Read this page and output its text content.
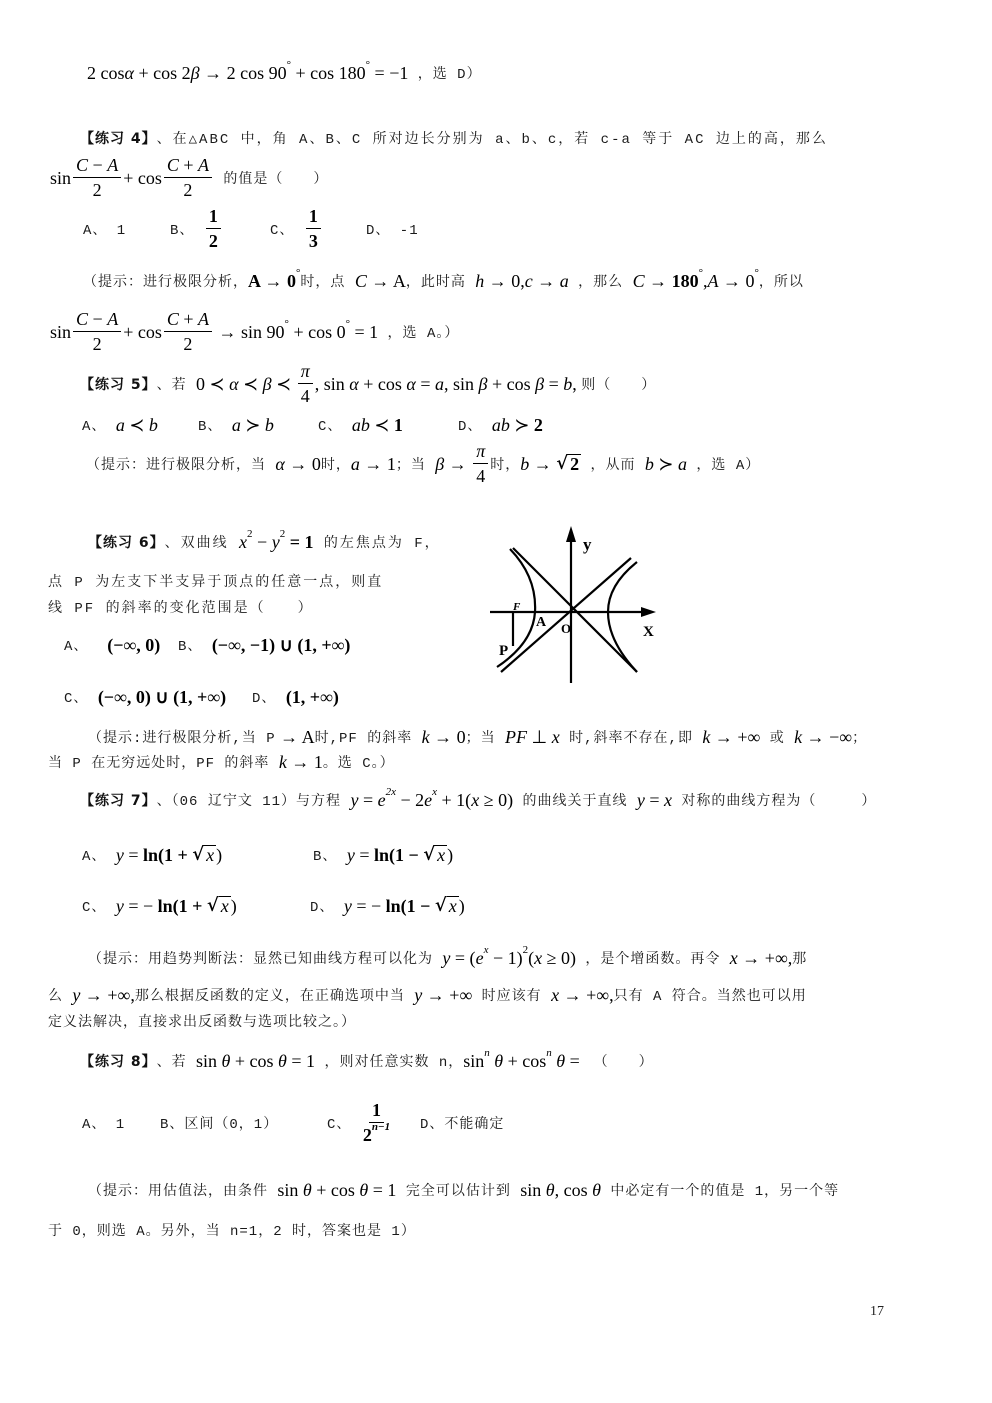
2 cos α + cos 2 β → 2 cos 90 ° + cos 180 ° = −1 ，选 D）
【练习 4】 、在△ABC 中，角 A、B、C 所对边长分别为 a、b、c，若 c-a 等于 AC 边上的高，那么
$\sin \frac{C - A}{2} + \cos \frac{C + A}{2}$ 的值是（　　）
A、 1	B、 $\frac{1}{2}$	C、 $\frac{1}{3}$	D、 -1
（提示：进行极限分析， A → 0 °
时，点 C → A ，此时高 h → 0, c → a ，那么 C → 180 ° , A → 0 °
，所以
$\sin \frac{C - A}{2} + \cos \frac{C + A}{2} \to \sin 90$ ° + cos 0 ° = 1 ，选 A。）
【练习 5】 、若 0 ≺ α ≺ β ≺ $\frac{\pi}{4}$ , sin α + cos α = a , sin β + cos β = b , 则（　　）
A、 a ≺ b	B、 a ≻ b	C、 ab ≺ 1	D、 ab ≻ 2
（提示：进行极限分析，当 α → 0 时， a → 1 ；当 $\beta \to \frac{\pi}{4}$ 时， b → √ 2 ，从而 b ≻ a ，选 A）
【练习 6】 、双曲线 x 2 − y 2 = 1 的左焦点为 F，
点 P 为左支下半支异于顶点的任意一点，则直
线 PF 的斜率的变化范围是（　　）
A、 (−∞, 0) B、 (−∞, −1) ∪ (1, +∞)
C、 (−∞, 0) ∪ (1, +∞) D、 (1, +∞)
y
X
F
A O
P
（提示:进行极限分析,当 P → A 时,PF 的斜率 k → 0 ；当 PF ⊥ x 时,斜率不存在,即 k → +∞ 或 k → −∞ ；
当 P 在无穷远处时，PF 的斜率 k → 1 。选 C。）
【练习 7】 、（06 辽宁文 11）与方程 y = e 2x − 2 e x + 1( x ≥ 0) 的曲线关于直线 y = x 对称的曲线方程为（　　　）
A、 y = ln(1 + √ x )	B、 y = ln(1 − √ x )
C、 y = − ln(1 + √ x )	D、 y = − ln(1 − √ x )
（提示：用趋势判断法：显然已知曲线方程可以化为 y = ( e x − 1) 2 ( x ≥ 0) ，是个增函数。再令 x → +∞, 那
么 y → +∞, 那么根据反函数的定义，在正确选项中当 y → +∞ 时应该有 x → +∞, 只有 A 符合。当然也可以用
定义法解决，直接求出反函数与选项比较之。）
【练习 8】 、若 sin θ + cos θ = 1 ，则对任意实数 n， sin n θ + cos n θ = （　　）
A、 1 B、区间（0，1）	C、 $\frac{1}{2 n-1}$ D、不能确定
（提示：用估值法，由条件 sin θ + cos θ = 1 完全可以估计到 sin θ , cos θ 中必定有一个的值是 1，另一个等
于 0，则选 A。另外，当 n=1，2 时，答案也是 1）
17
